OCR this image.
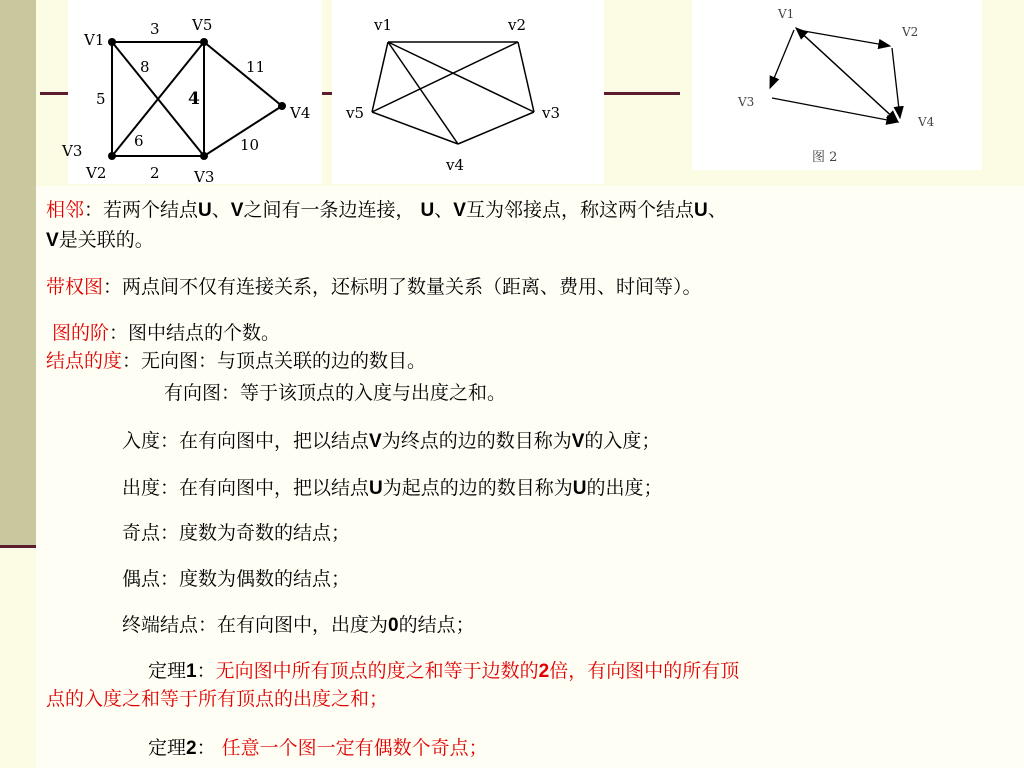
V1
V5
V3
V2	V3
V4
3
5	4
2
8
6
11
10
v1	v2
v3
v4
v5
V1
V2
V3
V4
图 2
相邻：若两个结点U、V之间有一条边连接， U、V互为邻接点，称这两个结点U、
V是关联的。
带权图：两点间不仅有连接关系，还标明了数量关系（距离、费用、时间等）。
图的阶：图中结点的个数。
结点的度：无向图：与顶点关联的边的数目。
有向图：等于该顶点的入度与出度之和。
入度：在有向图中，把以结点V为终点的边的数目称为V的入度；
出度：在有向图中，把以结点U为起点的边的数目称为U的出度；
奇点：度数为奇数的结点；
偶点：度数为偶数的结点；
终端结点：在有向图中，出度为0的结点；
定理1：无向图中所有顶点的度之和等于边数的2倍，有向图中的所有顶
点的入度之和等于所有顶点的出度之和；
定理2： 任意一个图一定有偶数个奇点；
